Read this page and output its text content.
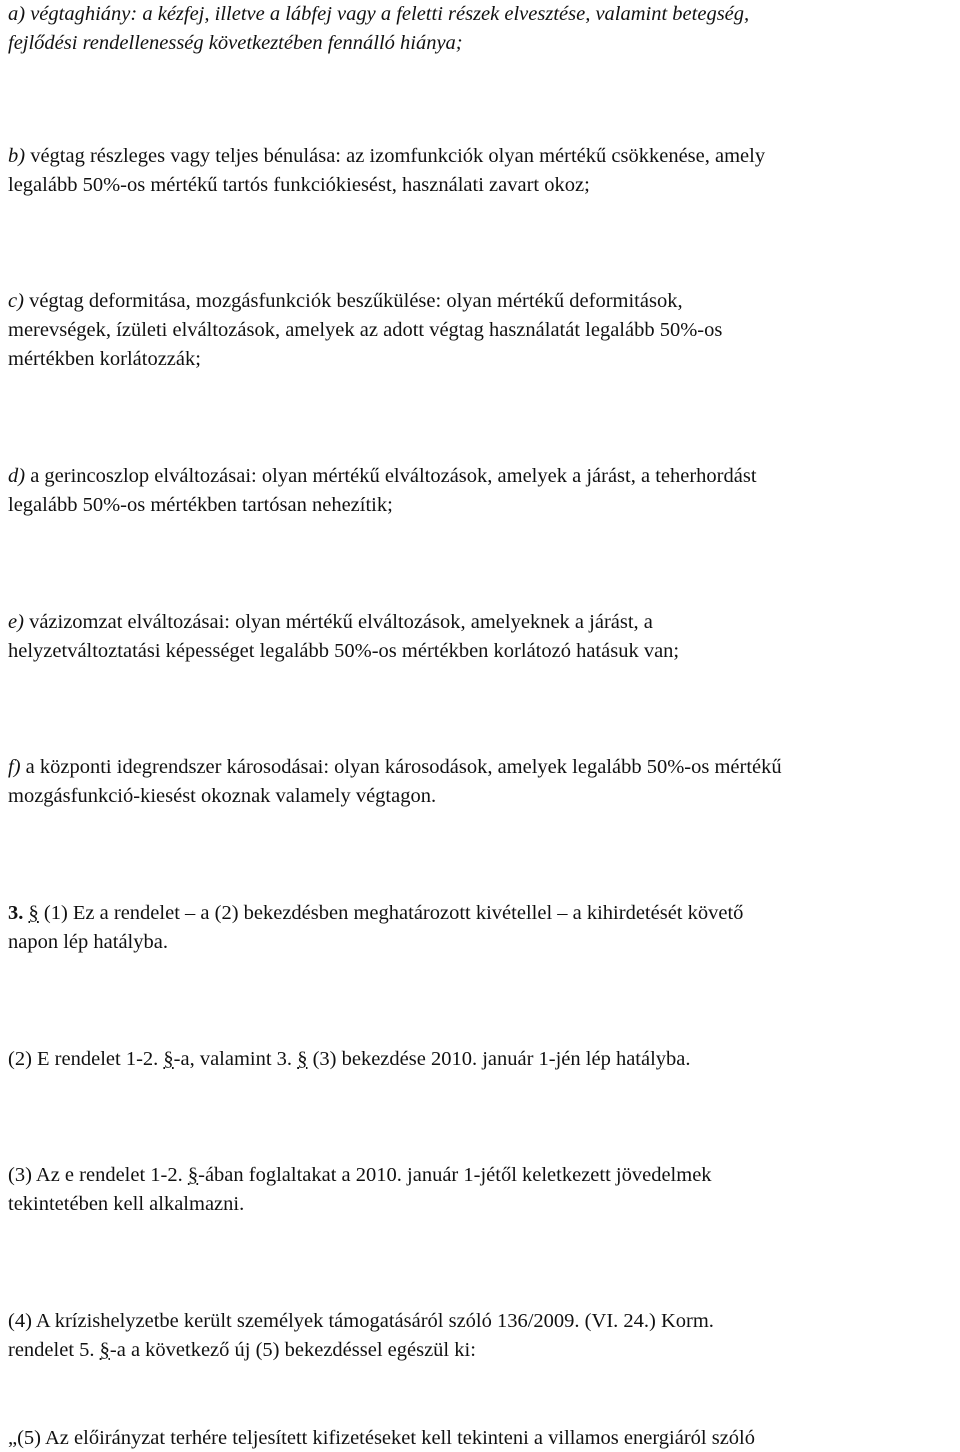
a) végtaghiány: a kézfej, illetve a lábfej vagy a feletti részek elvesztése, valamint betegség,
fejlődési rendellenesség következtében fennálló hiánya;

b) végtag részleges vagy teljes bénulása: az izomfunkciók olyan mértékű csökkenése, amely
legalább 50%-os mértékű tartós funkciókiesést, használati zavart okoz;

c) végtag deformitása, mozgásfunkciók beszűkülése: olyan mértékű deformitások,
merevségek, ízületi elváltozások, amelyek az adott végtag használatát legalább 50%-os
mértékben korlátozzák;

d) a gerincoszlop elváltozásai: olyan mértékű elváltozások, amelyek a járást, a teherhordást
legalább 50%-os mértékben tartósan nehezítik;

e) vázizomzat elváltozásai: olyan mértékű elváltozások, amelyeknek a járást, a
helyzetváltoztatási képességet legalább 50%-os mértékben korlátozó hatásuk van;

f) a központi idegrendszer károsodásai: olyan károsodások, amelyek legalább 50%-os mértékű
mozgásfunkció-kiesést okoznak valamely végtagon.

3. § (1) Ez a rendelet – a (2) bekezdésben meghatározott kivétellel – a kihirdetését követő
napon lép hatályba.

(2) E rendelet 1-2. §-a, valamint 3. § (3) bekezdése 2010. január 1-jén lép hatályba.

(3) Az e rendelet 1-2. §-ában foglaltakat a 2010. január 1-jétől keletkezett jövedelmek
tekintetében kell alkalmazni.

(4) A krízishelyzetbe került személyek támogatásáról szóló 136/2009. (VI. 24.) Korm.
rendelet 5. §-a a következő új (5) bekezdéssel egészül ki:

„(5) Az előirányzat terhére teljesített kifizetéseket kell tekinteni a villamos energiáról szóló
